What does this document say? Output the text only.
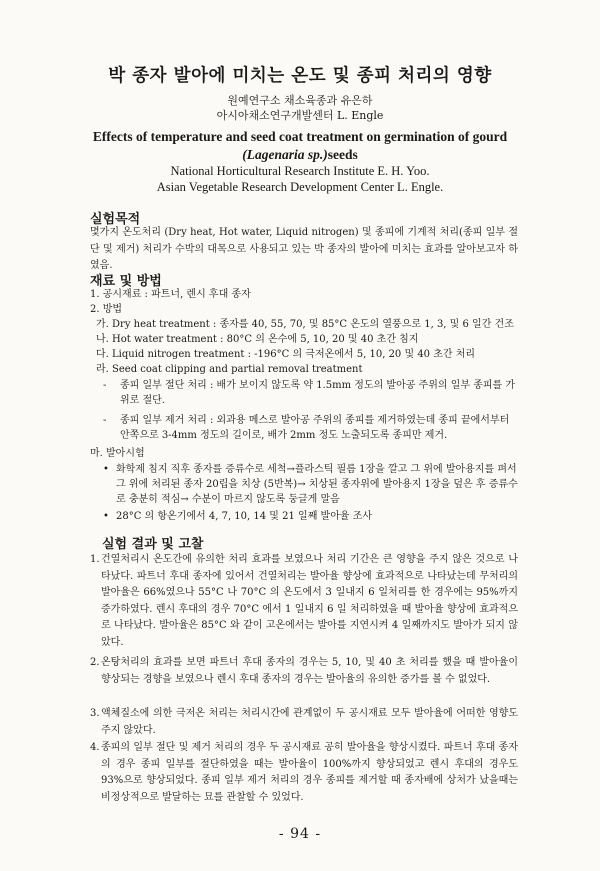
박 종자 발아에 미치는 온도 및 종피 처리의 영향
원예연구소 채소육종과 유은하
아시아채소연구개발센터 L. Engle
Effects of temperature and seed coat treatment on germination of gourd
(Lagenaria sp.)seeds
National Horticultural Research Institute E. H. Yoo.
Asian Vegetable Research Development Center L. Engle.
실험목적
몇가지 온도처리 (Dry heat, Hot water, Liquid nitrogen) 및 종피에 기계적 처리(종피 일부 절단 및 제거) 처리가 수박의 대목으로 사용되고 있는 박 종자의 발아에 미치는 효과를 알아보고자 하였음.
재료 및 방법
1. 공시재료 : 파트너, 렌시 후대 종자
2. 방법
가. Dry heat treatment : 종자를 40, 55, 70, 및 85°C 온도의 열풍으로 1, 3, 및 6 일간 건조
나. Hot water treatment : 80°C 의 온수에 5, 10, 20 및 40 초간 침지
다. Liquid nitrogen treatment : -196°C 의 극저온에서 5, 10, 20 및 40 초간 처리
라. Seed coat clipping and partial removal treatment
- 종피 일부 절단 처리 : 배가 보이지 않도록 약 1.5mm 정도의 발아공 주위의 일부 종피를 가위로 절단.
- 종피 일부 제거 처리 : 외과용 메스로 발아공 주위의 종피를 제거하였는데 종피 끝에서부터 안쪽으로 3-4mm 정도의 길이로, 배가 2mm 정도 노출되도록 종피만 제거.
마. 발아시험
• 화학제 침지 직후 종자를 증류수로 세척→플라스틱 필름 1장을 깔고 그 위에 발아용지를 펴서 그 위에 처리된 종자 20립을 치상 (5반복)→ 치상된 종자위에 발아용지 1장을 덮은 후 증류수로 충분히 적심→ 수분이 마르지 않도록 둥글게 말음
• 28°C 의 항온기에서 4, 7, 10, 14 및 21 일째 발아율 조사
실험 결과 및 고찰
1. 건열처리시 온도간에 유의한 처리 효과를 보였으나 처리 기간은 큰 영향을 주지 않은 것으로 나타났다. 파트너 후대 종자에 있어서 건열처리는 발아율 향상에 효과적으로 나타났는데 무처리의 발아율은 66%였으나 55°C 나 70°C 의 온도에서 3 일내지 6 일처리를 한 경우에는 95%까지 증가하였다. 렌시 후대의 경우 70°C 에서 1 일내지 6 일 처리하였을 때 발아율 향상에 효과적으로 나타났다. 발아율은 85°C 와 같이 고온에서는 발아를 지연시켜 4 일째까지도 발아가 되지 않았다.
2. 온탕처리의 효과를 보면 파트너 후대 종자의 경우는 5, 10, 및 40 초 처리를 했을 때 발아율이 향상되는 경향을 보였으나 렌시 후대 종자의 경우는 발아율의 유의한 증가를 볼 수 없었다.
3. 액체질소에 의한 극저온 처리는 처리시간에 관계없이 두 공시재료 모두 발아율에 어떠한 영향도 주지 않았다.
4. 종피의 일부 절단 및 제거 처리의 경우 두 공시재료 공히 발아율을 향상시켰다. 파트너 후대 종자의 경우 종피 일부를 절단하였을 때는 발아율이 100%까지 향상되었고 렌시 후대의 경우도 93%으로 향상되었다. 종피 일부 제거 처리의 경우 종피를 제거할 때 종자배에 상처가 났을때는 비정상적으로 발달하는 묘를 관찰할 수 있었다.
- 94 -
